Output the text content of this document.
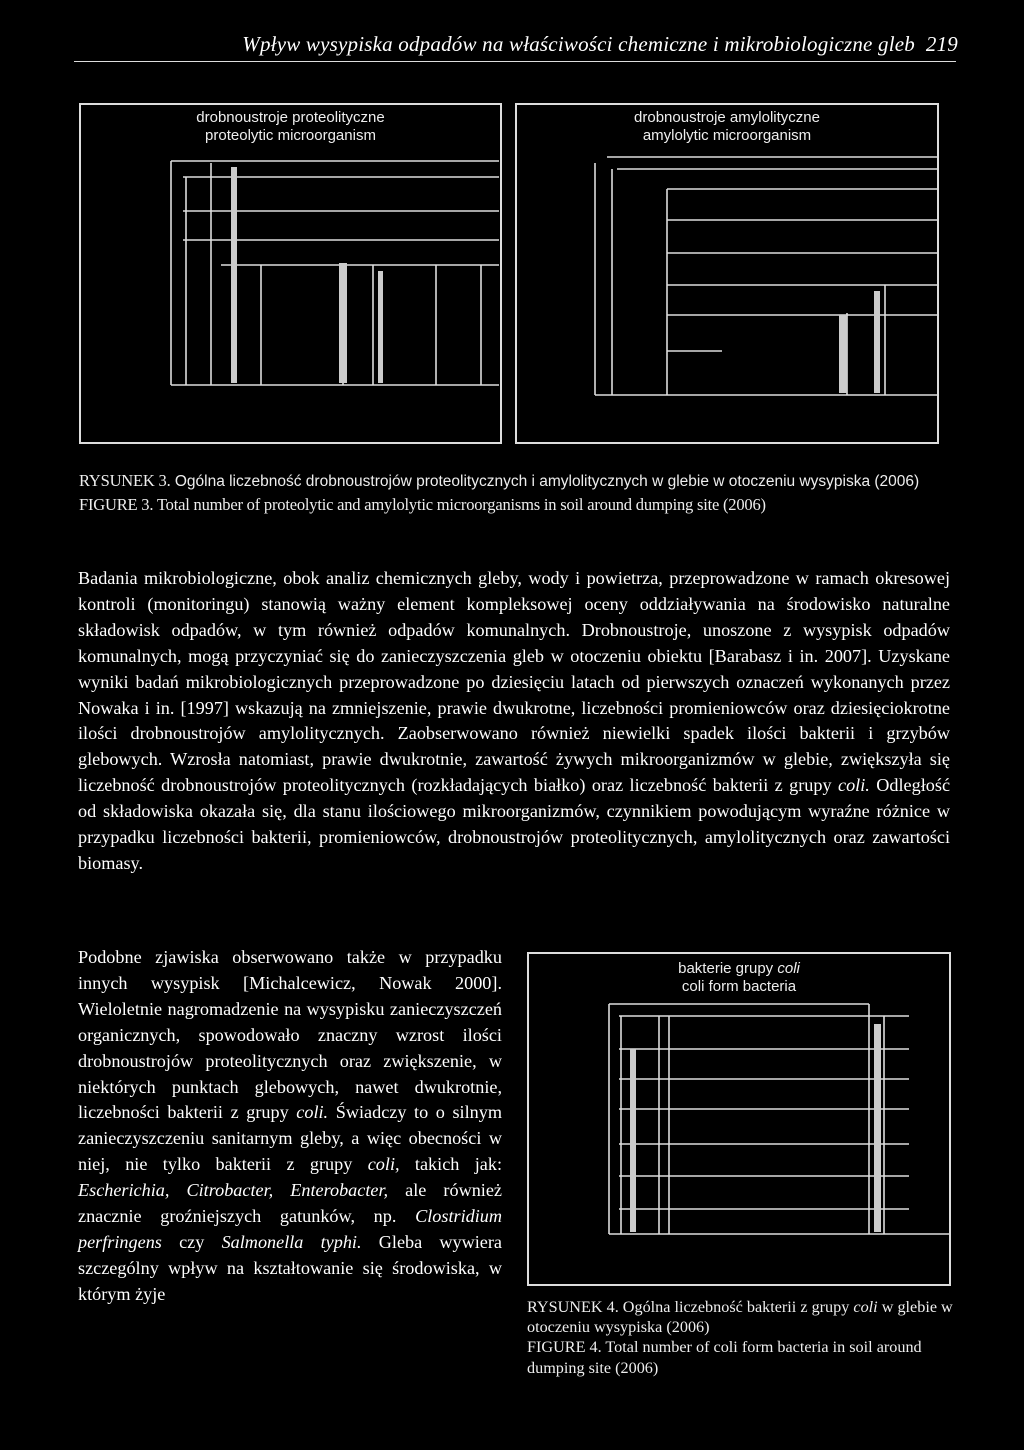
Wpływ wysypiska odpadów na właściwości chemiczne i mikrobiologiczne gleb 219
drobnoustroje proteolityczne
proteolytic microorganism
drobnoustroje amylolityczne
amylolytic microorganism
RYSUNEK 3. Ogólna liczebność drobnoustrojów proteolitycznych i amylolitycznych w glebie w otoczeniu wysypiska (2006)
FIGURE 3. Total number of proteolytic and amylolytic microorganisms in soil around dumping site (2006)
Badania mikrobiologiczne, obok analiz chemicznych gleby, wody i powietrza, przeprowadzone w ramach okresowej kontroli (monitoringu) stanowią ważny element kompleksowej oceny oddziaływania na środowisko naturalne składowisk odpadów, w tym również odpadów komunalnych. Drobnoustroje, unoszone z wysypisk odpadów komunalnych, mogą przyczyniać się do zanieczyszczenia gleb w otoczeniu obiektu [Barabasz i in. 2007]. Uzyskane wyniki badań mikrobiologicznych przeprowadzone po dziesięciu latach od pierwszych oznaczeń wykonanych przez Nowaka i in. [1997] wskazują na zmniejszenie, prawie dwukrotne, liczebności promieniowców oraz dziesięciokrotne ilości drobnoustrojów amylolitycznych. Zaobserwowano również niewielki spadek ilości bakterii i grzybów glebowych. Wzrosła natomiast, prawie dwukrotnie, zawartość żywych mikroorganizmów w glebie, zwiększyła się liczebność drobnoustrojów proteolitycznych (rozkładających białko) oraz liczebność bakterii z grupy coli. Odległość od składowiska okazała się, dla stanu ilościowego mikroorganizmów, czynnikiem powodującym wyraźne różnice w przypadku liczebności bakterii, promieniowców, drobnoustrojów proteolitycznych, amylolitycznych oraz zawartości biomasy.
Podobne zjawiska obserwowano także w przypadku innych wysypisk [Michalcewicz, Nowak 2000]. Wieloletnie nagromadzenie na wysypisku zanieczyszczeń organicznych, spowodowało znaczny wzrost ilości drobnoustrojów proteolitycznych oraz zwiększenie, w niektórych punktach glebowych, nawet dwukrotnie, liczebności bakterii z grupy coli. Świadczy to o silnym zanieczyszczeniu sanitarnym gleby, a więc obecności w niej, nie tylko bakterii z grupy coli, takich jak: Escherichia, Citrobacter, Enterobacter, ale również znacznie groźniejszych gatunków, np. Clostridium perfringens czy Salmonella typhi. Gleba wywiera szczególny wpływ na kształtowanie się środowiska, w którym żyje
bakterie grupy coli
coli form bacteria
RYSUNEK 4. Ogólna liczebność bakterii z grupy coli w glebie w otoczeniu wysypiska (2006)
FIGURE 4. Total number of coli form bacteria in soil around dumping site (2006)
